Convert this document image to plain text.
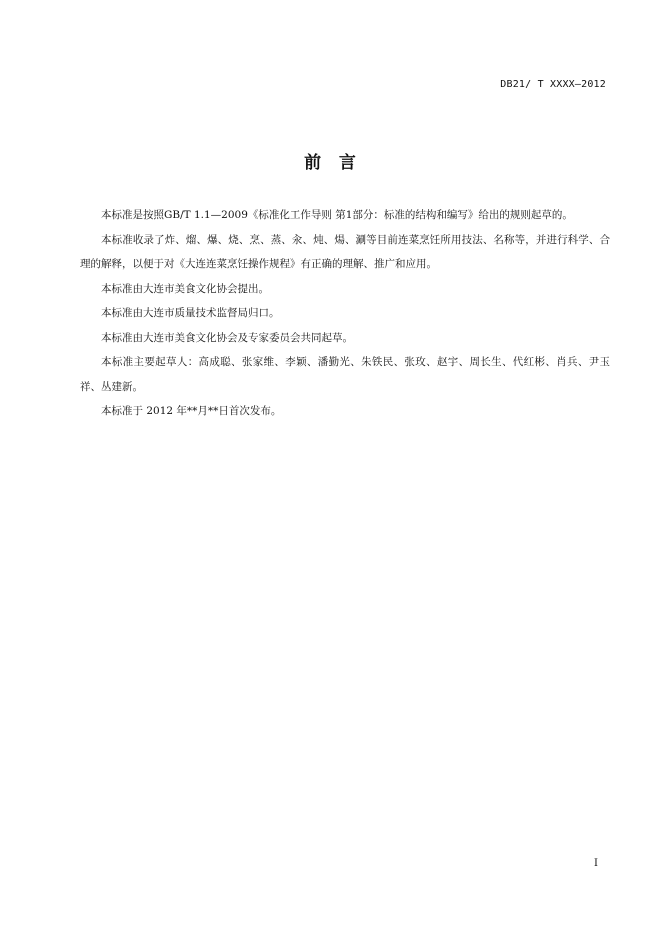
DB21/ T XXXX—2012
前  言

本标准是按照GB/T 1.1—2009《标准化工作导则 第1部分：标准的结构和编写》给出的规则起草的。

本标准收录了炸、熘、爆、烧、烹、蒸、汆、炖、煬、涮等目前连菜烹饪所用技法、名称等，并进行科学、合理的解释，以便于对《大连连菜烹饪操作规程》有正确的理解、推广和应用。

本标准由大连市美食文化协会提出。

本标准由大连市质量技术监督局归口。

本标准由大连市美食文化协会及专家委员会共同起草。

本标准主要起草人：高成聪、张家维、李颖、潘勤光、朱铁民、张玫、赵宇、周长生、代红彬、肖兵、尹玉祥、丛建新。

本标准于 2012 年**月**日首次发布。

I
